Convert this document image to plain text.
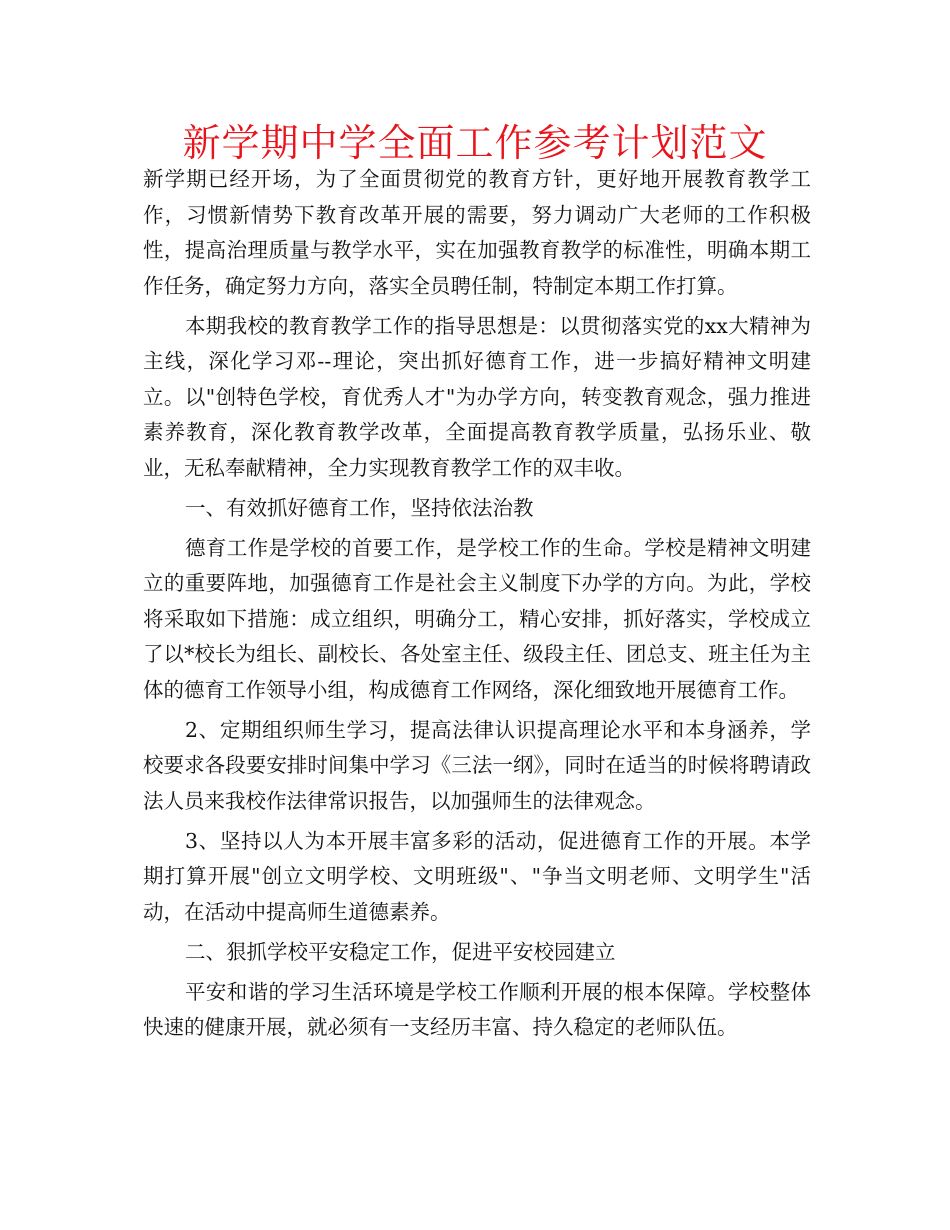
新学期中学全面工作参考计划范文

新学期已经开场，为了全面贯彻党的教育方针，更好地开展教育教学工作，习惯新情势下教育改革开展的需要，努力调动广大老师的工作积极性，提高治理质量与教学水平，实在加强教育教学的标准性，明确本期工作任务，确定努力方向，落实全员聘任制，特制定本期工作打算。

本期我校的教育教学工作的指导思想是：以贯彻落实党的xx大精神为主线，深化学习邓--理论，突出抓好德育工作，进一步搞好精神文明建立。以"创特色学校，育优秀人才"为办学方向，转变教育观念，强力推进素养教育，深化教育教学改革，全面提高教育教学质量，弘扬乐业、敬业，无私奉献精神，全力实现教育教学工作的双丰收。

一、有效抓好德育工作，坚持依法治教

德育工作是学校的首要工作，是学校工作的生命。学校是精神文明建立的重要阵地，加强德育工作是社会主义制度下办学的方向。为此，学校将采取如下措施：成立组织，明确分工，精心安排，抓好落实，学校成立了以*校长为组长、副校长、各处室主任、级段主任、团总支、班主任为主体的德育工作领导小组，构成德育工作网络，深化细致地开展德育工作。

2、定期组织师生学习，提高法律认识提高理论水平和本身涵养，学校要求各段要安排时间集中学习《三法一纲》，同时在适当的时候将聘请政法人员来我校作法律常识报告，以加强师生的法律观念。

3、坚持以人为本开展丰富多彩的活动，促进德育工作的开展。本学期打算开展"创立文明学校、文明班级"、"争当文明老师、文明学生"活动，在活动中提高师生道德素养。

二、狠抓学校平安稳定工作，促进平安校园建立

平安和谐的学习生活环境是学校工作顺利开展的根本保障。学校整体快速的健康开展，就必须有一支经历丰富、持久稳定的老师队伍。
